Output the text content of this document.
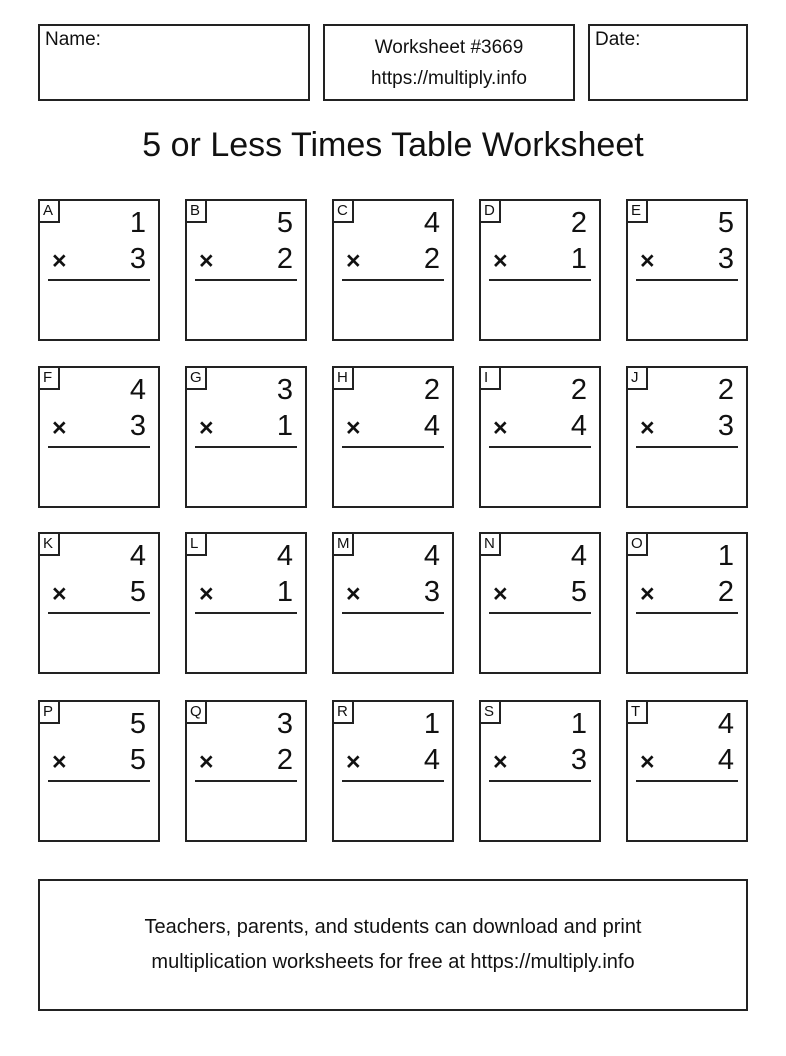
Name:	Worksheet #3669
https://multiply.info
Date:
5 or Less Times Table Worksheet
A	1
× 3
B	5
× 2
C	4
× 2
D	2
× 1
E	5
× 3
F	4
× 3
G	3
× 1
H	2
× 4
I	2
× 4
J	2
× 3
K	4
× 5
L	4
× 1
M	4
× 3
N	4
× 5
O	1
× 2
P	5
× 5
Q	3
× 2
R	1
× 4
S	1
× 3
T	4
× 4
Teachers, parents, and students can download and print
multiplication worksheets for free at https://multiply.info
